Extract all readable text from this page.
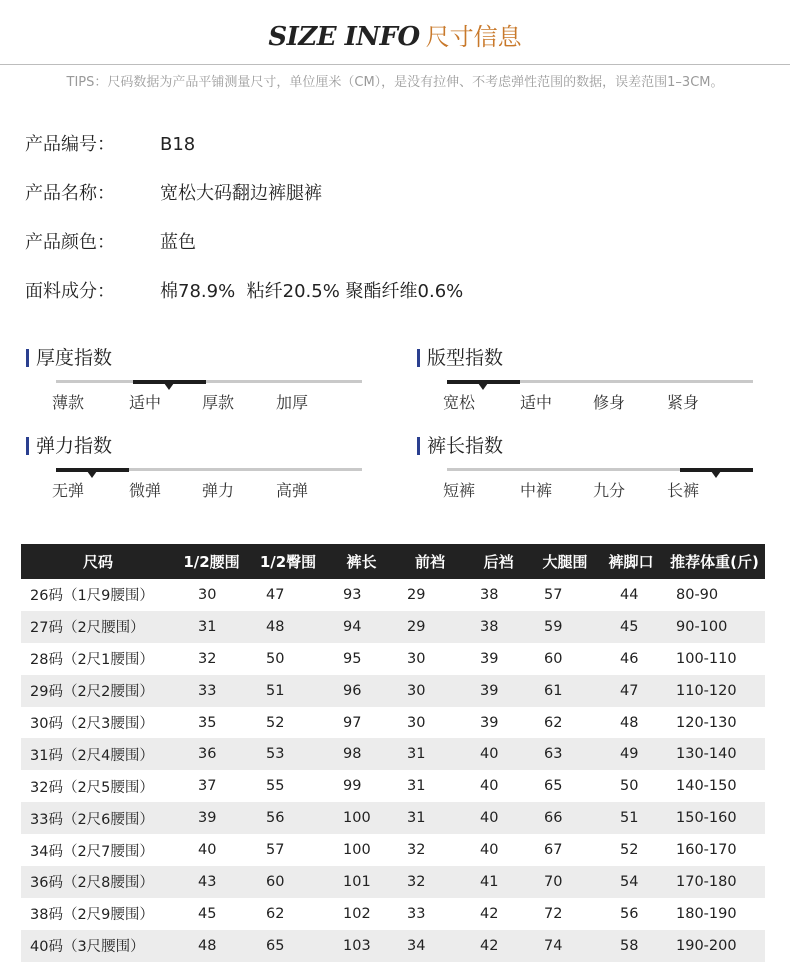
SIZE INFO 尺寸信息
TIPS：尺码数据为产品平铺测量尺寸，单位厘米（CM），是没有拉伸、不考虑弹性范围的数据，误差范围1–3CM。
产品编号：	B18
产品名称：	宽松大码翻边裤腿裤
产品颜色：	蓝色
面料成分：	棉78.9%  粘纤20.5% 聚酯纤维0.6%
厚度指数
薄款	适中	厚款	加厚
版型指数
宽松	适中	修身	紧身
弹力指数
无弹	微弹	弹力	高弹
裤长指数
短裤	中裤	九分	长裤
尺码	1/2腰围	1/2臀围	裤长	前裆	后裆	大腿围	裤脚口	推荐体重(斤)
26码（1尺9腰围）	30	47	93	29	38	57	44	80-90
27码（2尺腰围）	31	48	94	29	38	59	45	90-100
28码（2尺1腰围）	32	50	95	30	39	60	46	100-110
29码（2尺2腰围）	33	51	96	30	39	61	47	110-120
30码（2尺3腰围）	35	52	97	30	39	62	48	120-130
31码（2尺4腰围）	36	53	98	31	40	63	49	130-140
32码（2尺5腰围）	37	55	99	31	40	65	50	140-150
33码（2尺6腰围）	39	56	100	31	40	66	51	150-160
34码（2尺7腰围）	40	57	100	32	40	67	52	160-170
36码（2尺8腰围）	43	60	101	32	41	70	54	170-180
38码（2尺9腰围）	45	62	102	33	42	72	56	180-190
40码（3尺腰围）	48	65	103	34	42	74	58	190-200
